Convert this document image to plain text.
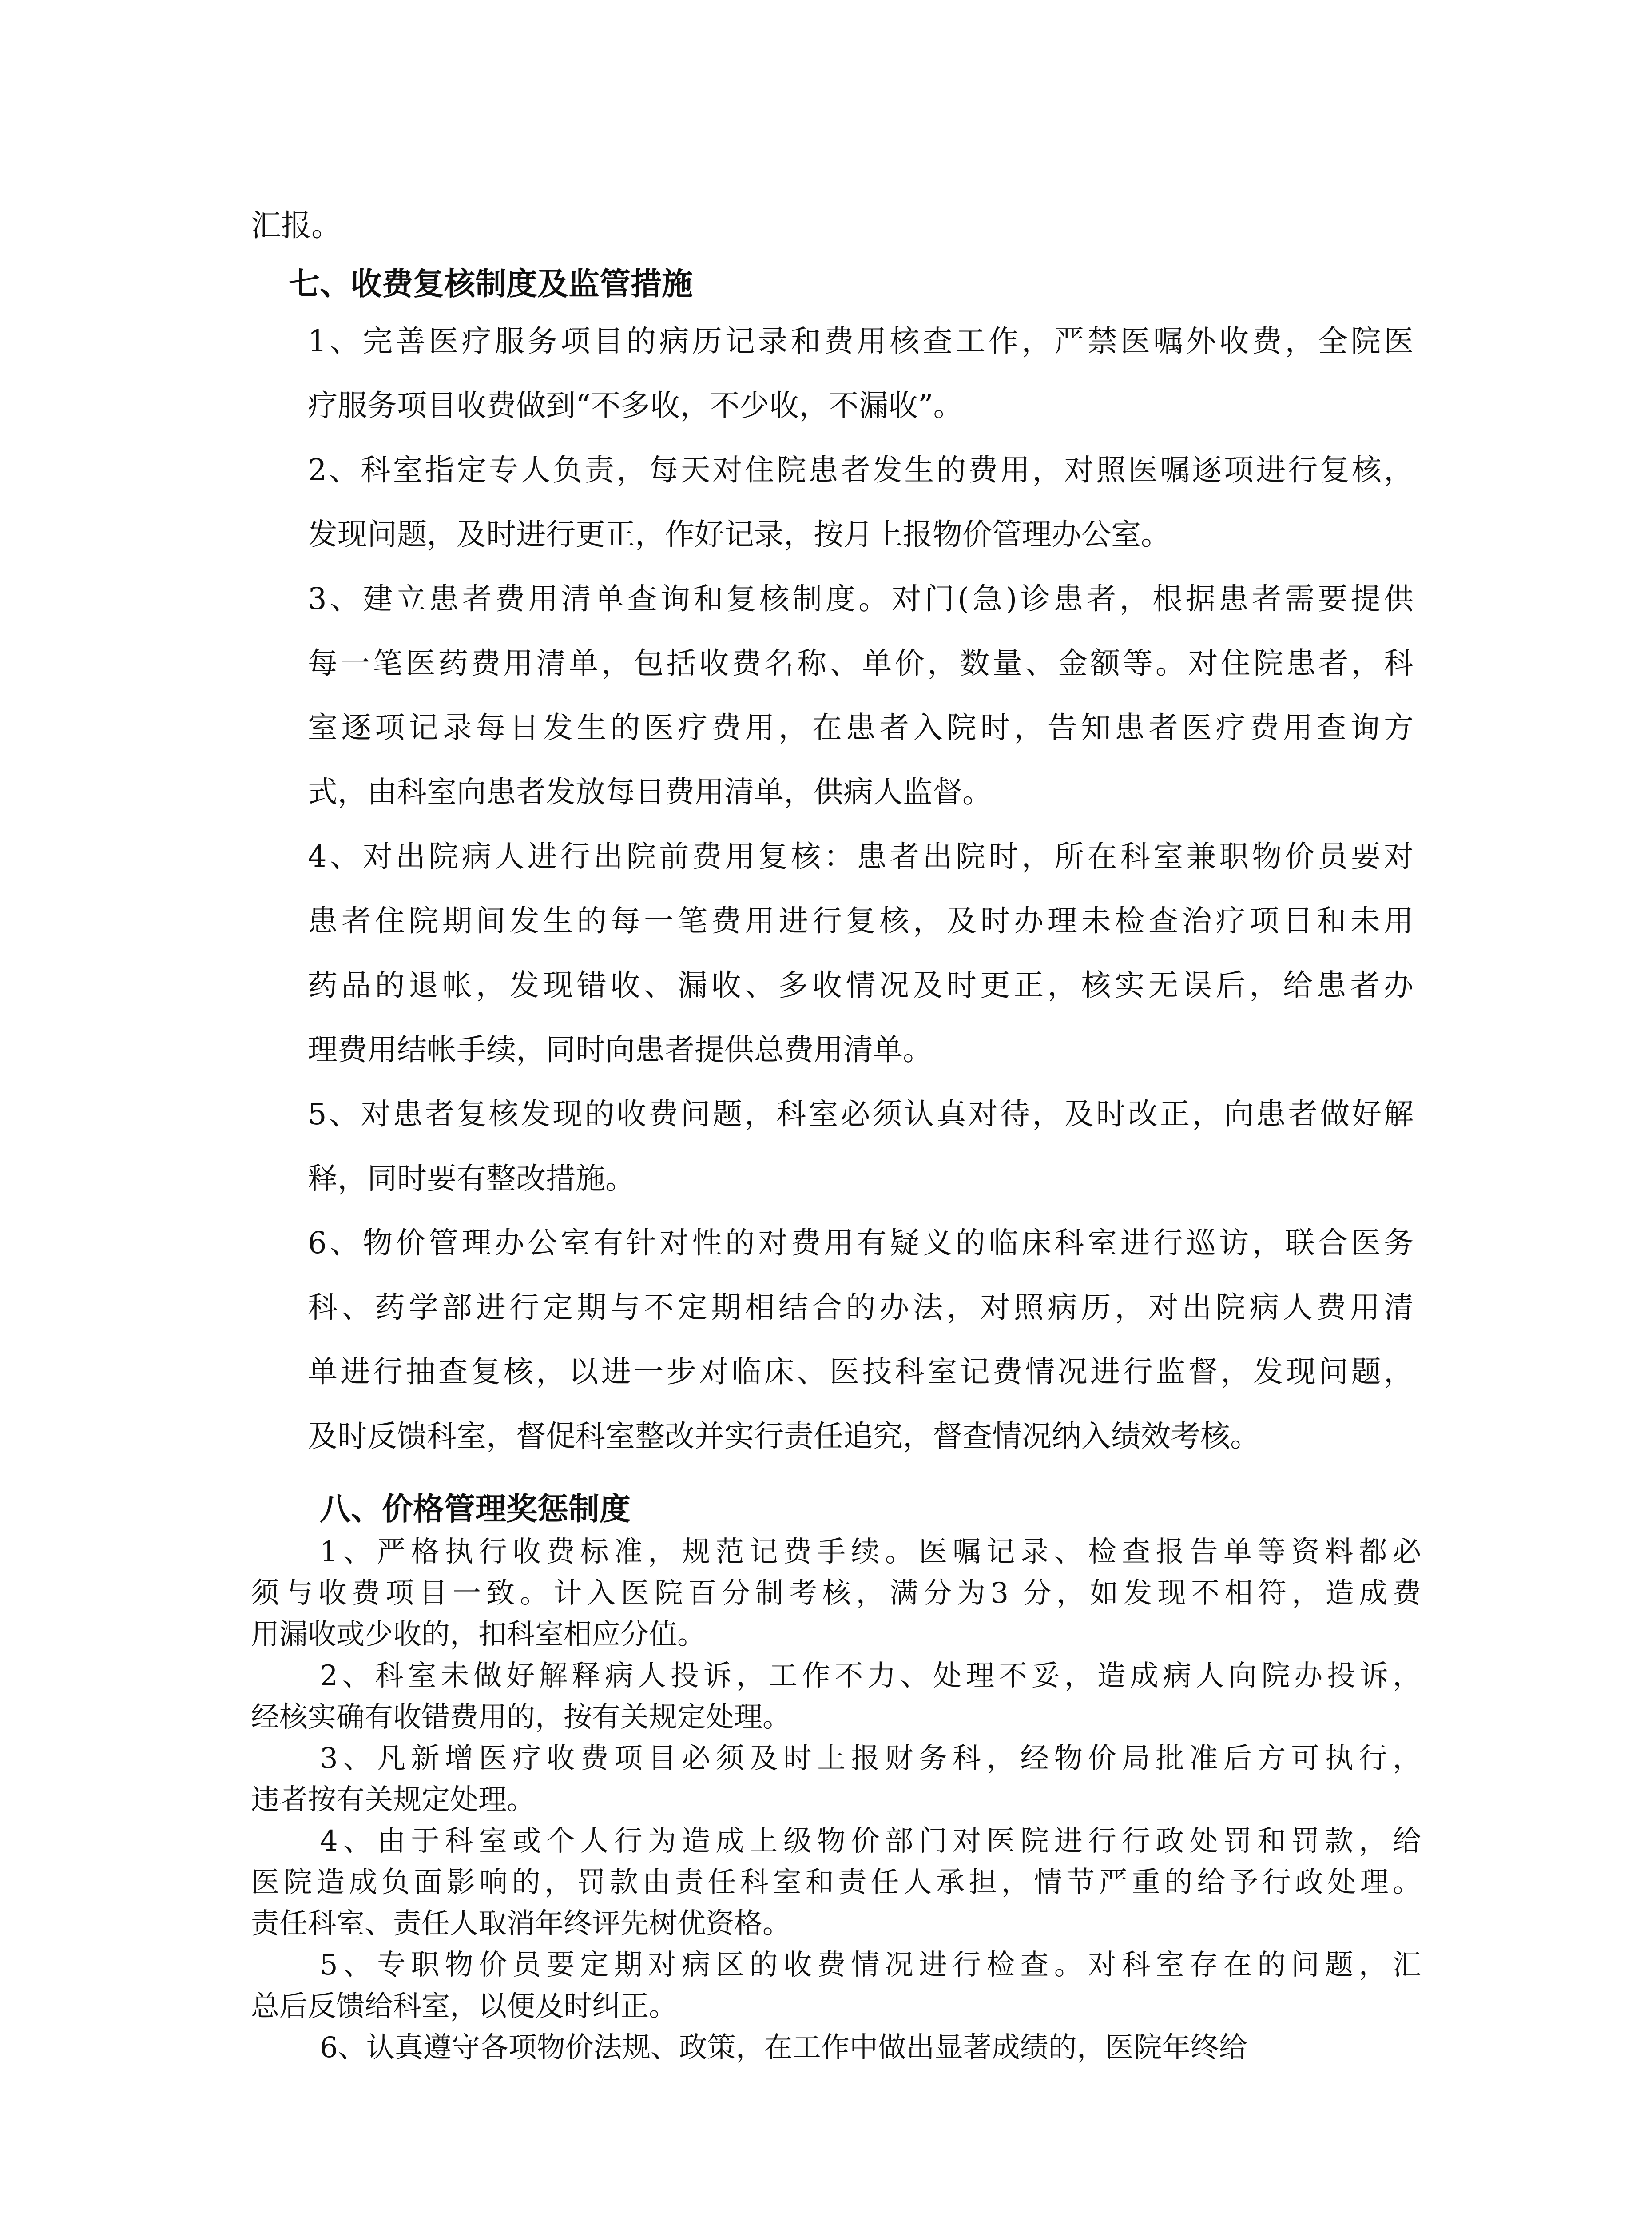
汇报。
七、收费复核制度及监管措施
1、完善医疗服务项目的病历记录和费用核查工作，严禁医嘱外收费，全院医
疗服务项目收费做到“不多收，不少收，不漏收”。
2、科室指定专人负责，每天对住院患者发生的费用，对照医嘱逐项进行复核，
发现问题，及时进行更正，作好记录，按月上报物价管理办公室。
3、建立患者费用清单查询和复核制度。对门(急)诊患者，根据患者需要提供
每一笔医药费用清单，包括收费名称、单价，数量、金额等。对住院患者，科
室逐项记录每日发生的医疗费用，在患者入院时，告知患者医疗费用查询方
式，由科室向患者发放每日费用清单，供病人监督。
4、对出院病人进行出院前费用复核：患者出院时，所在科室兼职物价员要对
患者住院期间发生的每一笔费用进行复核，及时办理未检查治疗项目和未用
药品的退帐，发现错收、漏收、多收情况及时更正，核实无误后，给患者办
理费用结帐手续，同时向患者提供总费用清单。
5、对患者复核发现的收费问题，科室必须认真对待，及时改正，向患者做好解
释，同时要有整改措施。
6、物价管理办公室有针对性的对费用有疑义的临床科室进行巡访，联合医务
科、药学部进行定期与不定期相结合的办法，对照病历，对出院病人费用清
单进行抽查复核，以进一步对临床、医技科室记费情况进行监督，发现问题，
及时反馈科室，督促科室整改并实行责任追究，督查情况纳入绩效考核。
八、价格管理奖惩制度
1、严格执行收费标准，规范记费手续。医嘱记录、检查报告单等资料都必
须与收费项目一致。计入医院百分制考核，满分为3 分，如发现不相符，造成费
用漏收或少收的，扣科室相应分值。
2、科室未做好解释病人投诉，工作不力、处理不妥，造成病人向院办投诉，
经核实确有收错费用的，按有关规定处理。
3、凡新增医疗收费项目必须及时上报财务科，经物价局批准后方可执行，
违者按有关规定处理。
4、由于科室或个人行为造成上级物价部门对医院进行行政处罚和罚款，给
医院造成负面影响的，罚款由责任科室和责任人承担，情节严重的给予行政处理。
责任科室、责任人取消年终评先树优资格。
5、专职物价员要定期对病区的收费情况进行检查。对科室存在的问题，汇
总后反馈给科室，以便及时纠正。
6、认真遵守各项物价法规、政策，在工作中做出显著成绩的，医院年终给
